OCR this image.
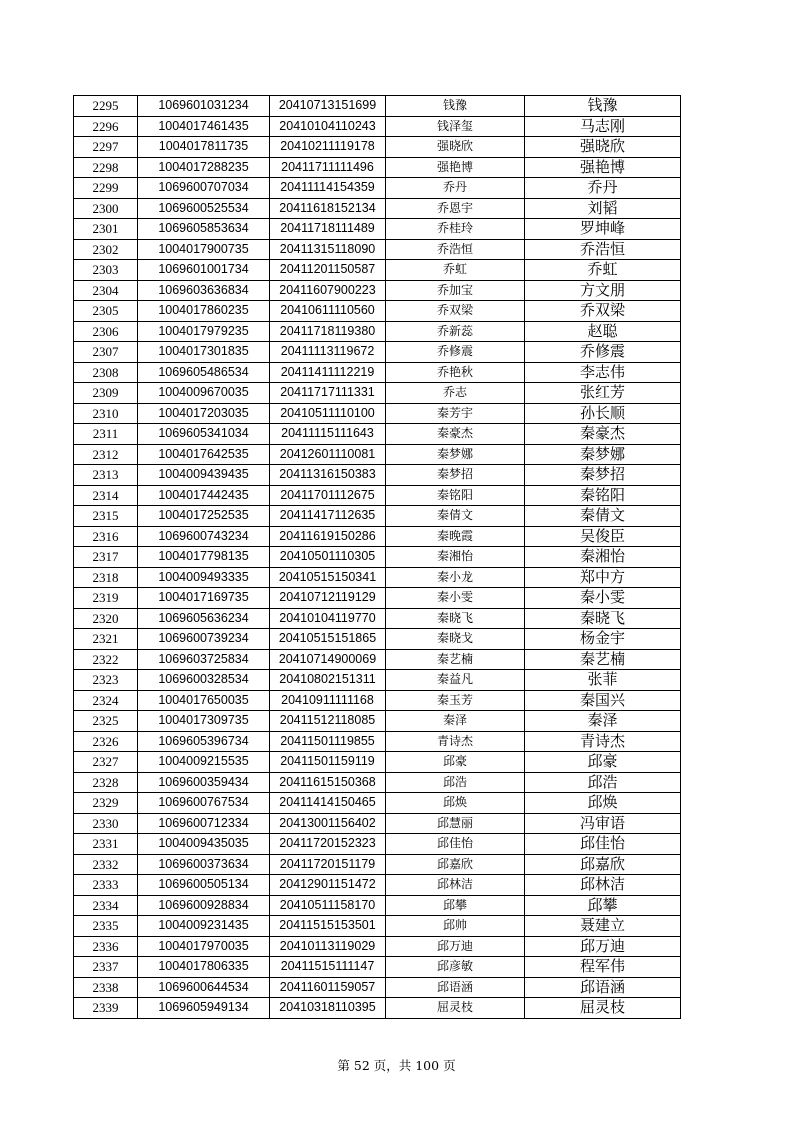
2295	1069601031234	20410713151699	钱豫	钱豫
2296	1004017461435	20410104110243	钱泽玺	马志刚
2297	1004017811735	20410211119178	强晓欣	强晓欣
2298	1004017288235	20411711111496	强艳博	强艳博
2299	1069600707034	20411114154359	乔丹	乔丹
2300	1069600525534	20411618152134	乔恩宇	刘韬
2301	1069605853634	20411718111489	乔桂玲	罗坤峰
2302	1004017900735	20411315118090	乔浩恒	乔浩恒
2303	1069601001734	20411201150587	乔虹	乔虹
2304	1069603636834	20411607900223	乔加宝	方文朋
2305	1004017860235	20410611110560	乔双梁	乔双梁
2306	1004017979235	20411718119380	乔新蕊	赵聪
2307	1004017301835	20411113119672	乔修震	乔修震
2308	1069605486534	20411411112219	乔艳秋	李志伟
2309	1004009670035	20411717111331	乔志	张红芳
2310	1004017203035	20410511110100	秦芳宇	孙长顺
2311	1069605341034	20411115111643	秦豪杰	秦豪杰
2312	1004017642535	20412601110081	秦梦娜	秦梦娜
2313	1004009439435	20411316150383	秦梦招	秦梦招
2314	1004017442435	20411701112675	秦铭阳	秦铭阳
2315	1004017252535	20411417112635	秦倩文	秦倩文
2316	1069600743234	20411619150286	秦晚霞	吴俊臣
2317	1004017798135	20410501110305	秦湘怡	秦湘怡
2318	1004009493335	20410515150341	秦小龙	郑中方
2319	1004017169735	20410712119129	秦小雯	秦小雯
2320	1069605636234	20410104119770	秦晓飞	秦晓飞
2321	1069600739234	20410515151865	秦晓戈	杨金宇
2322	1069603725834	20410714900069	秦艺楠	秦艺楠
2323	1069600328534	20410802151311	秦益凡	张菲
2324	1004017650035	20410911111168	秦玉芳	秦国兴
2325	1004017309735	20411512118085	秦泽	秦泽
2326	1069605396734	20411501119855	青诗杰	青诗杰
2327	1004009215535	20411501159119	邱豪	邱豪
2328	1069600359434	20411615150368	邱浩	邱浩
2329	1069600767534	20411414150465	邱焕	邱焕
2330	1069600712334	20413001156402	邱慧丽	冯审语
2331	1004009435035	20411720152323	邱佳怡	邱佳怡
2332	1069600373634	20411720151179	邱嘉欣	邱嘉欣
2333	1069600505134	20412901151472	邱林洁	邱林洁
2334	1069600928834	20410511158170	邱攀	邱攀
2335	1004009231435	20411515153501	邱帅	聂建立
2336	1004017970035	20410113119029	邱万迪	邱万迪
2337	1004017806335	20411515111147	邱彦敏	程军伟
2338	1069600644534	20411601159057	邱语涵	邱语涵
2339	1069605949134	20410318110395	屈灵枝	屈灵枝
第 52 页，共 100 页
